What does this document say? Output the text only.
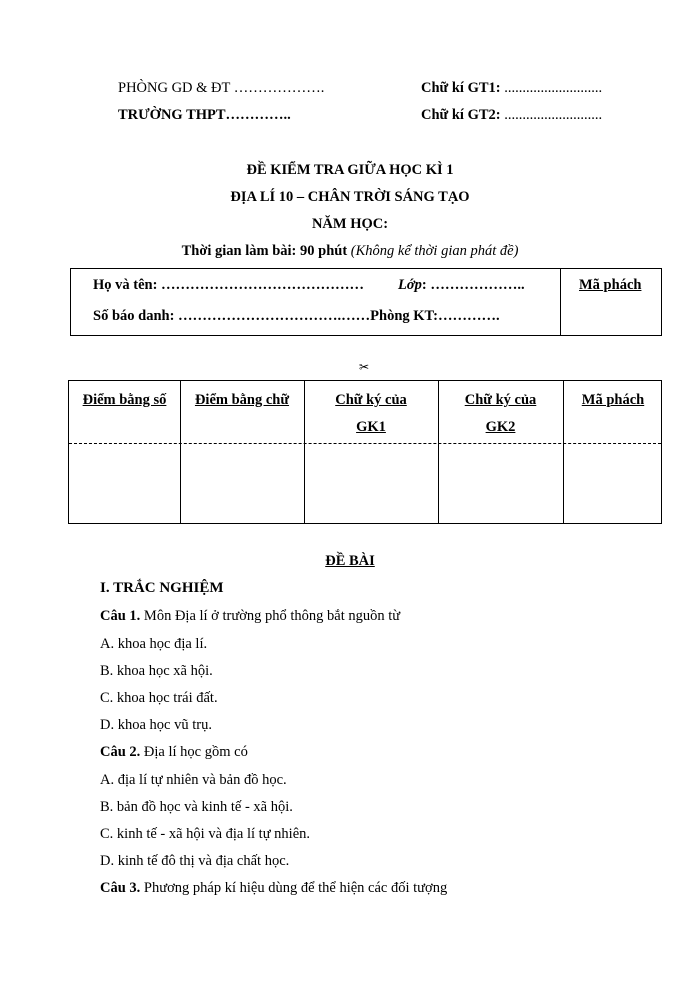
PHÒNG GD & ĐT ……………….
TRƯỜNG THPT…………..
Chữ kí GT1: ...........................
Chữ kí GT2: ...........................
ĐỀ KIỂM TRA GIỮA HỌC KÌ 1
ĐỊA LÍ 10 – CHÂN TRỜI SÁNG TẠO
NĂM HỌC:
Thời gian làm bài: 90 phút (Không kể thời gian phát đề)
Họ và tên: …………………………………… Lớp: ………………..
Số báo danh: …………………………….……Phòng KT:………….
Mã phách
✂
Điểm bằng số	Điểm bằng chữ	Chữ ký của
GK1
Chữ ký của
GK2
Mã phách
ĐỀ BÀI
I. TRẮC NGHIỆM
Câu 1. Môn Địa lí ở trường phổ thông bắt nguồn từ
A. khoa học địa lí.
B. khoa học xã hội.
C. khoa học trái đất.
D. khoa học vũ trụ.
Câu 2. Địa lí học gồm có
A. địa lí tự nhiên và bản đồ học.
B. bản đồ học và kinh tế - xã hội.
C. kinh tế - xã hội và địa lí tự nhiên.
D. kinh tế đô thị và địa chất học.
Câu 3. Phương pháp kí hiệu dùng để thể hiện các đối tượng
